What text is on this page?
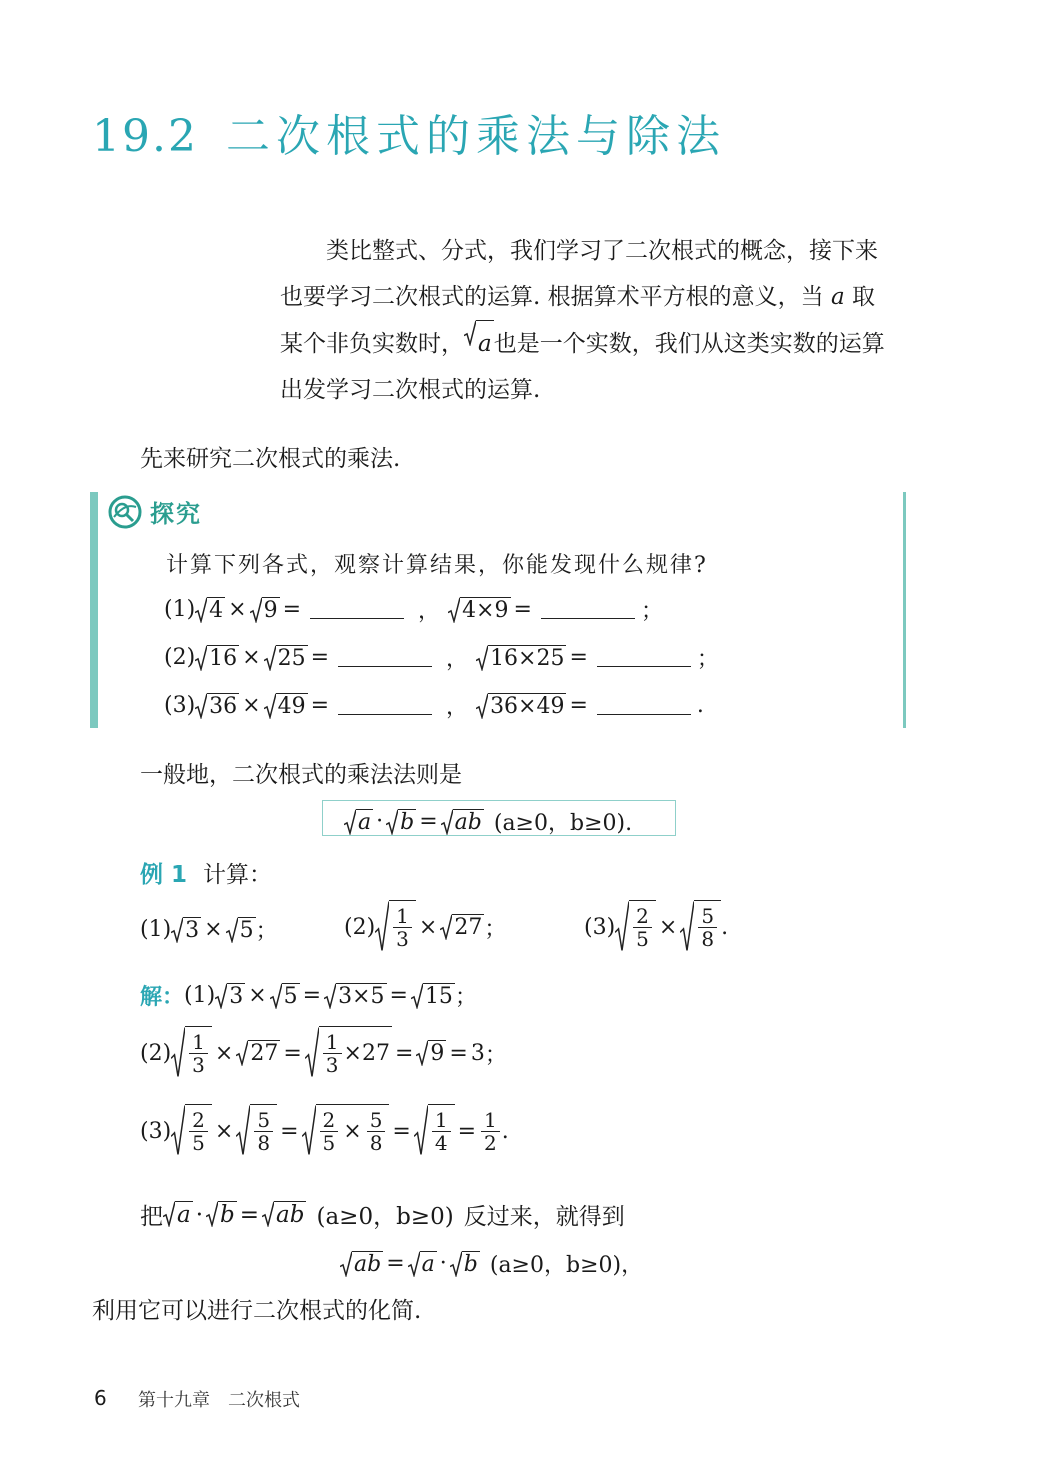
19.2 二次根式的乘法与除法

类比整式、分式，我们学习了二次根式的概念，接下来

也要学习二次根式的运算. 根据算术平方根的意义，当 a 取

某个非负实数时， a 也是一个实数，我们从这类实数的运算

出发学习二次根式的运算.

先来研究二次根式的乘法.
探究
计算下列各式，观察计算结果，你能发现什么规律?
(1) 4 × 9 =	， 4×9 =	；
(2) 16 × 25 =	， 16×25 =	；
(3) 36 × 49 =	， 36×49 =	.
一般地，二次根式的乘法法则是
a · b = ab (a≥0，b≥0).
例 1 计算：
(1) 3 × 5 ；	$(2) \frac{1}{3} \times 27$ ；	$(3) \frac{2}{5} \times \frac{5}{8}$ .
解： (1) 3 × 5 = 3×5 = 15 ；
$(2) \frac{1}{3} \times 27 = \frac{1}{3} \times 27 = 9 = 3$ ；
$(3) \frac{2}{5} \times \frac{5}{8} = \frac{2}{5} \times \frac{5}{8} = \frac{1}{4} = \frac{1}{2}$ .
把 a · b = ab (a≥0，b≥0) 反过来，就得到
ab = a · b (a≥0，b≥0)，
利用它可以进行二次根式的化简.
6 第十九章　二次根式
